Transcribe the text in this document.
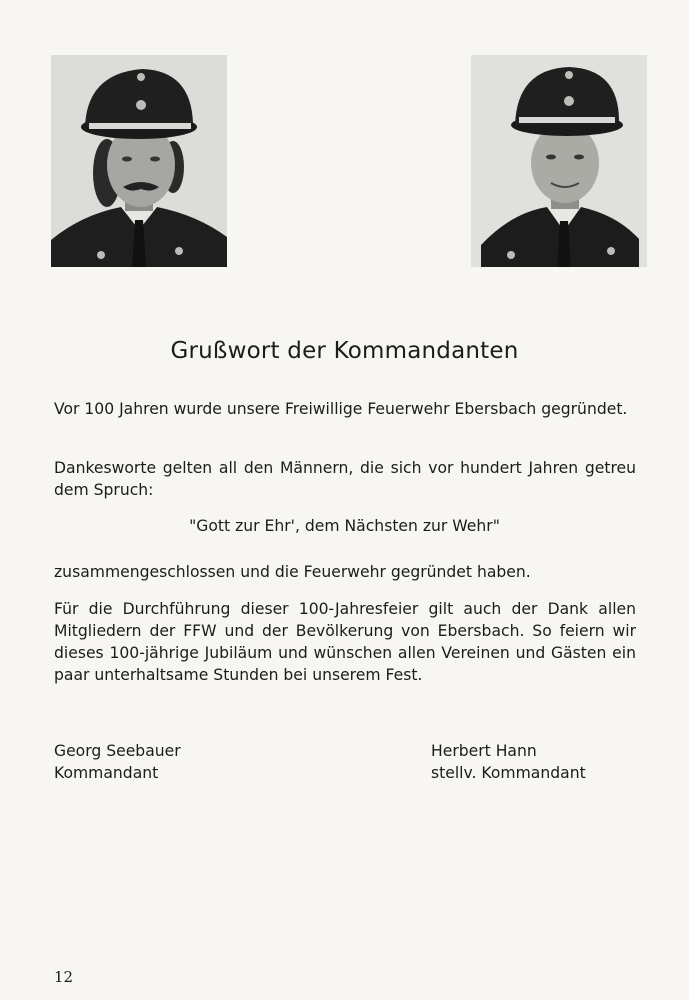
Grußwort der Kommandanten

Vor 100 Jahren wurde unsere Freiwillige Feuerwehr Ebersbach gegründet.

Dankesworte gelten all den Männern, die sich vor hundert Jahren getreu dem Spruch:

"Gott zur Ehr', dem Nächsten zur Wehr"

zusammengeschlossen und die Feuerwehr gegründet haben.

Für die Durchführung dieser 100-Jahresfeier gilt auch der Dank allen Mitgliedern der FFW und der Bevölkerung von Ebersbach. So feiern wir dieses 100-jährige Jubiläum und wünschen allen Vereinen und Gästen ein paar unterhaltsame Stunden bei unserem Fest.

Georg Seebauer
Kommandant
Herbert Hann
stellv. Kommandant
12
